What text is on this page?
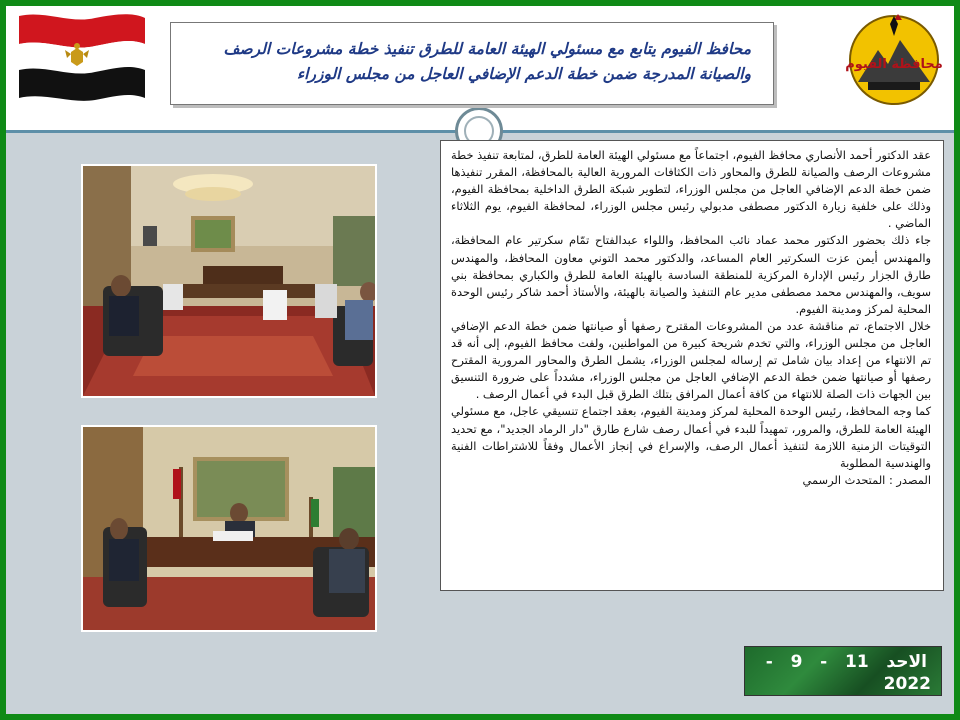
محافظ الفيوم يتابع مع مسئولي الهيئة العامة للطرق تنفيذ خطة مشروعات الرصف
والصيانة المدرجة ضمن خطة الدعم الإضافي العاجل من مجلس الوزراء
محافظة الفيوم

عقد الدكتور أحمد الأنصاري محافظ الفيوم، اجتماعاً مع مسئولي الهيئة العامة للطرق، لمتابعة تنفيذ خطة مشروعات الرصف والصيانة للطرق والمحاور ذات الكثافات المرورية العالية بالمحافظة، المقرر تنفيذها ضمن خطة الدعم الإضافي العاجل من مجلس الوزراء، لتطوير شبكة الطرق الداخلية بمحافظة الفيوم، وذلك على خلفية زيارة الدكتور مصطفى مدبولي رئيس مجلس الوزراء، لمحافظة الفيوم، يوم الثلاثاء الماضي .

جاء ذلك بحضور الدكتور محمد عماد نائب المحافظ، واللواء عبدالفتاح تمّام سكرتير عام المحافظة، والمهندس أيمن عزت السكرتير العام المساعد، والدكتور محمد التوني معاون المحافظ، والمهندس طارق الجزار رئيس الإدارة المركزية للمنطقة السادسة بالهيئة العامة للطرق والكباري بمحافظة بني سويف، والمهندس محمد مصطفى مدير عام التنفيذ والصيانة بالهيئة، والأستاذ أحمد شاكر رئيس الوحدة المحلية لمركز ومدينة الفيوم.

خلال الاجتماع، تم مناقشة عدد من المشروعات المقترح رصفها أو صيانتها ضمن خطة الدعم الإضافي العاجل من مجلس الوزراء، والتي تخدم شريحة كبيرة من المواطنين، ولفت محافظ الفيوم، إلى أنه قد تم الانتهاء من إعداد بيان شامل تم إرساله لمجلس الوزراء، يشمل الطرق والمحاور المرورية المقترح رصفها أو صيانتها ضمن خطة الدعم الإضافي العاجل من مجلس الوزراء، مشدداً على ضرورة التنسيق بين الجهات ذات الصلة للانتهاء من كافة أعمال المرافق بتلك الطرق قبل البدء في أعمال الرصف .

كما وجه المحافظ، رئيس الوحدة المحلية لمركز ومدينة الفيوم، بعقد اجتماع تنسيقي عاجل، مع مسئولي الهيئة العامة للطرق، والمرور، تمهيداً للبدء في أعمال رصف شارع طارق "دار الرماد الجديد"، مع تحديد التوقيتات الزمنية اللازمة لتنفيذ أعمال الرصف، والإسراع في إنجاز الأعمال وفقاً للاشتراطات الفنية والهندسية المطلوبة

المصدر : المتحدث الرسمي

الاحد   11   -   9   -
2022
